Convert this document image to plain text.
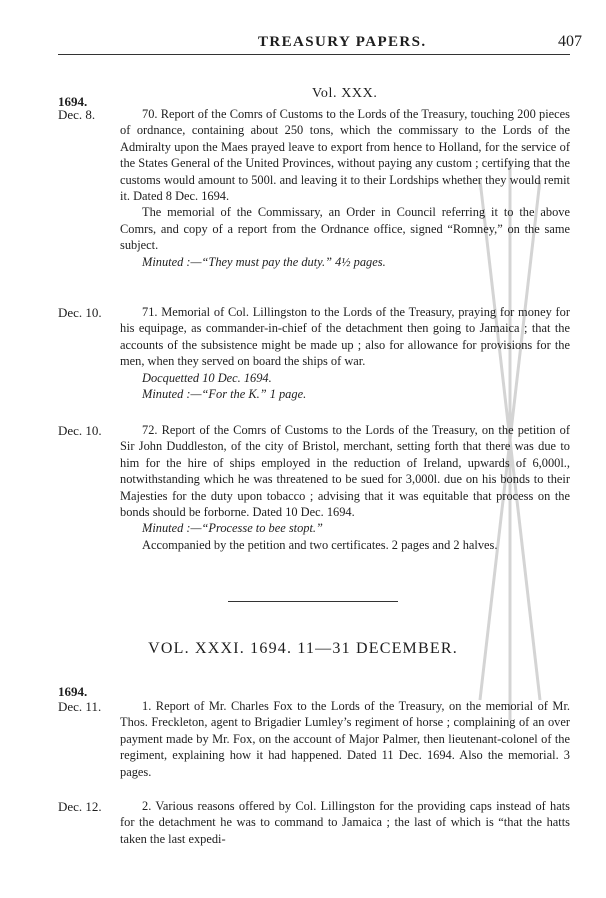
TREASURY PAPERS.	407
Vol. XXX.
1694.
Dec. 8.	70. Report of the Comrs of Customs to the Lords of the Treasury, touching 200 pieces of ordnance, containing about 250 tons, which the commissary to the Lords of the Admiralty upon the Maes prayed leave to export from hence to Holland, for the service of the States General of the United Provinces, without paying any custom ; certifying that the customs would amount to 500l. and leaving it to their Lordships whether they would remit it. Dated 8 Dec. 1694.

The memorial of the Commissary, an Order in Council referring it to the above Comrs, and copy of a report from the Ordnance office, signed “Romney,” on the same subject.

Minuted :—“They must pay the duty.” 4½ pages.

Dec. 10.	71. Memorial of Col. Lillingston to the Lords of the Treasury, praying for money for his equipage, as commander-in-chief of the detachment then going to Jamaica ; that the accounts of the subsistence might be made up ; also for allowance for provisions for the men, when they served on board the ships of war.

Docquetted 10 Dec. 1694.

Minuted :—“For the K.” 1 page.

Dec. 10.	72. Report of the Comrs of Customs to the Lords of the Treasury, on the petition of Sir John Duddleston, of the city of Bristol, merchant, setting forth that there was due to him for the hire of ships employed in the reduction of Ireland, upwards of 6,000l., notwithstanding which he was threatened to be sued for 3,000l. due on his bonds to their Majesties for the duty upon tobacco ; advising that it was equitable that process on the bonds should be forborne. Dated 10 Dec. 1694.

Minuted :—“Processe to bee stopt.”

Accompanied by the petition and two certificates. 2 pages and 2 halves.

VOL. XXXI. 1694. 11—31 DECEMBER.
1694.
Dec. 11.	1. Report of Mr. Charles Fox to the Lords of the Treasury, on the memorial of Mr. Thos. Freckleton, agent to Brigadier Lumley’s regiment of horse ; complaining of an over payment made by Mr. Fox, on the account of Major Palmer, then lieutenant-colonel of the regiment, explaining how it had happened. Dated 11 Dec. 1694. Also the memorial. 3 pages.

Dec. 12.	2. Various reasons offered by Col. Lillingston for the providing caps instead of hats for the detachment he was to command to Jamaica ; the last of which is “that the hatts taken the last expedi-
